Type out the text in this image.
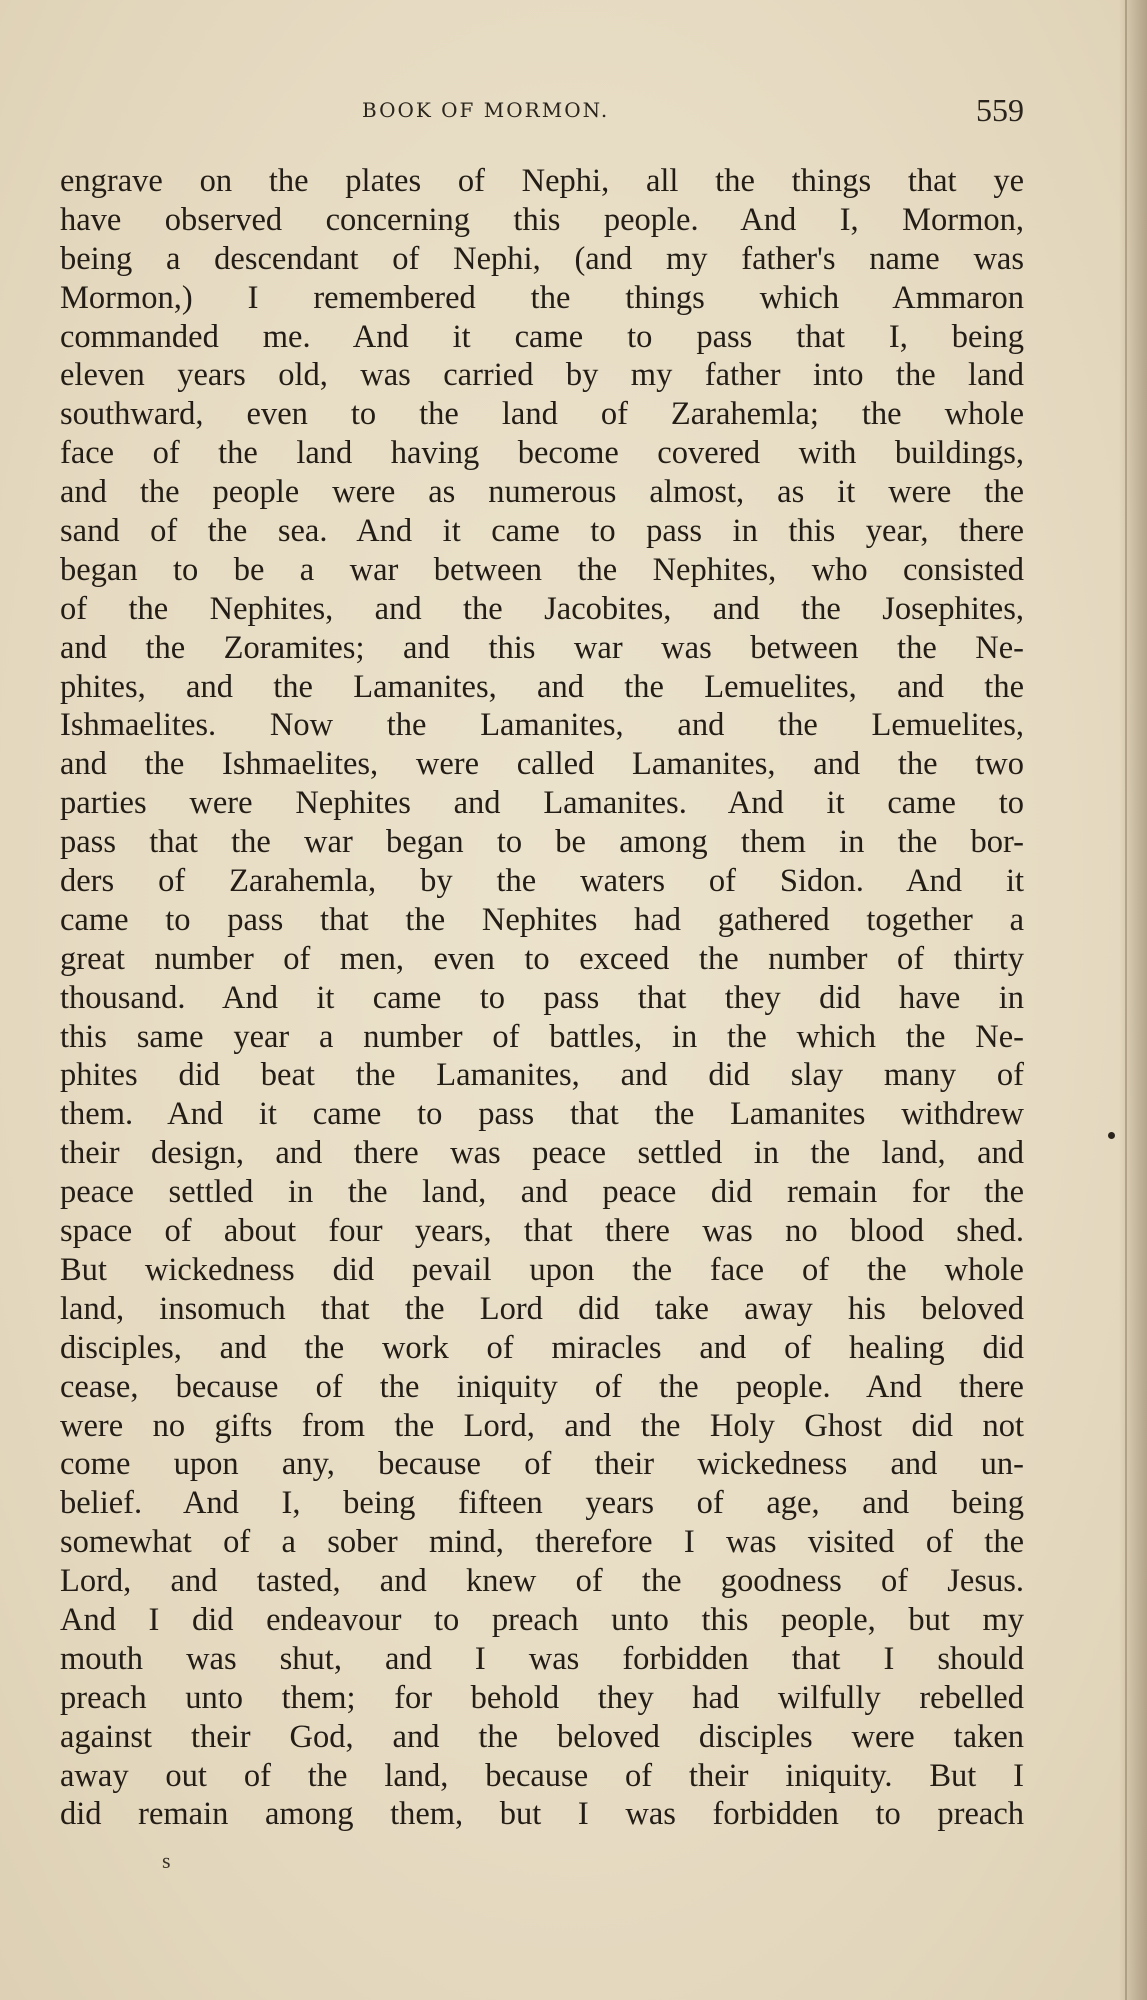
BOOK OF MORMON.	559
engrave on the plates of Nephi, all the things that ye
have observed concerning this people. And I, Mormon,
being a descendant of Nephi, (and my father's name was
Mormon,) I remembered the things which Ammaron
commanded me. And it came to pass that I, being
eleven years old, was carried by my father into the land
southward, even to the land of Zarahemla; the whole
face of the land having become covered with buildings,
and the people were as numerous almost, as it were the
sand of the sea. And it came to pass in this year, there
began to be a war between the Nephites, who consisted
of the Nephites, and the Jacobites, and the Josephites,
and the Zoramites; and this war was between the Ne-
phites, and the Lamanites, and the Lemuelites, and the
Ishmaelites. Now the Lamanites, and the Lemuelites,
and the Ishmaelites, were called Lamanites, and the two
parties were Nephites and Lamanites. And it came to
pass that the war began to be among them in the bor-
ders of Zarahemla, by the waters of Sidon. And it
came to pass that the Nephites had gathered together a
great number of men, even to exceed the number of thirty
thousand. And it came to pass that they did have in
this same year a number of battles, in the which the Ne-
phites did beat the Lamanites, and did slay many of
them. And it came to pass that the Lamanites withdrew
their design, and there was peace settled in the land, and
peace settled in the land, and peace did remain for the
space of about four years, that there was no blood shed.
But wickedness did pevail upon the face of the whole
land, insomuch that the Lord did take away his beloved
disciples, and the work of miracles and of healing did
cease, because of the iniquity of the people. And there
were no gifts from the Lord, and the Holy Ghost did not
come upon any, because of their wickedness and un-
belief. And I, being fifteen years of age, and being
somewhat of a sober mind, therefore I was visited of the
Lord, and tasted, and knew of the goodness of Jesus.
And I did endeavour to preach unto this people, but my
mouth was shut, and I was forbidden that I should
preach unto them; for behold they had wilfully rebelled
against their God, and the beloved disciples were taken
away out of the land, because of their iniquity. But I
did remain among them, but I was forbidden to preach
s
